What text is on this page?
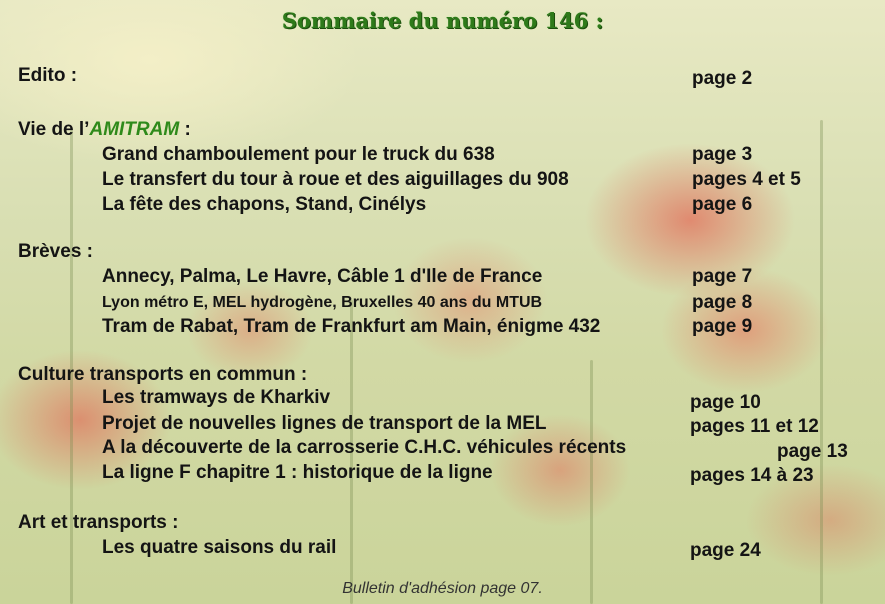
Sommaire du numéro 146 :
Edito :	page 2
Vie de l’AMITRAM :
Grand chamboulement pour le truck du 638	page 3
Le transfert du tour à roue et des aiguillages du 908	pages 4 et 5
La fête des chapons, Stand, Cinélys	page 6
Brèves :
Annecy, Palma, Le Havre, Câble 1 d'Ile de France	page 7
Lyon métro E, MEL hydrogène, Bruxelles 40 ans du MTUB	page 8
Tram de Rabat, Tram de Frankfurt am Main, énigme 432	page 9
Culture transports en commun :
Les tramways de Kharkiv	page 10
Projet de nouvelles lignes de transport de la MEL	pages 11 et 12
A la découverte de la carrosserie C.H.C. véhicules récents	page 13
La ligne F chapitre 1 : historique de la ligne	pages 14 à 23
Art et transports :
Les quatre saisons du rail	page 24
Bulletin d'adhésion page 07.
